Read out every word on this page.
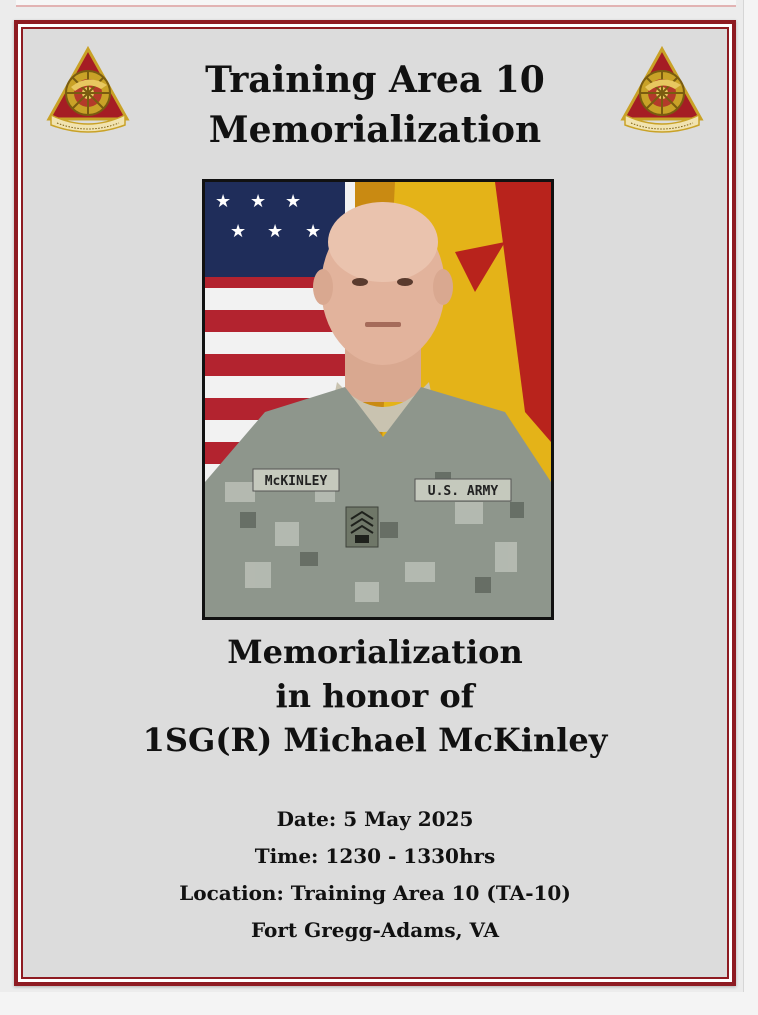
Training Area 10
Memorialization
★ ★ ★
★ ★ ★
McKINLEY
U.S. ARMY
Memorialization
in honor of
1SG(R) Michael McKinley
Date: 5 May 2025
Time: 1230 - 1330hrs
Location: Training Area 10 (TA-10)
Fort Gregg-Adams, VA
